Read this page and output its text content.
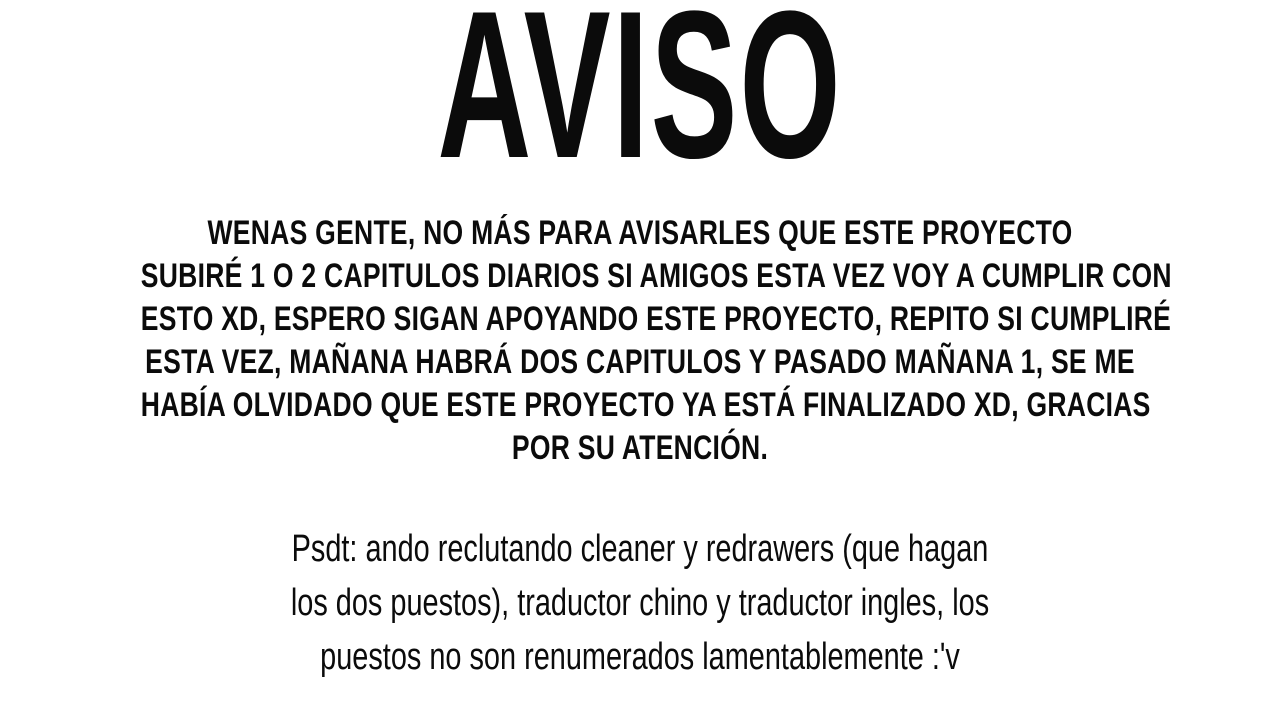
AVISO
WENAS GENTE, NO MÁS PARA AVISARLES QUE ESTE PROYECTO
SUBIRÉ 1 O 2 CAPITULOS DIARIOS SI AMIGOS ESTA VEZ VOY A CUMPLIR CON
ESTO XD, ESPERO SIGAN APOYANDO ESTE PROYECTO, REPITO SI CUMPLIRÉ
ESTA VEZ, MAÑANA HABRÁ DOS CAPITULOS Y PASADO MAÑANA 1, SE ME
HABÍA OLVIDADO QUE ESTE PROYECTO YA ESTÁ FINALIZADO XD, GRACIAS
POR SU ATENCIÓN.
Psdt: ando reclutando cleaner y redrawers (que hagan
los dos puestos), traductor chino y traductor ingles, los
puestos no son renumerados lamentablemente :'v
